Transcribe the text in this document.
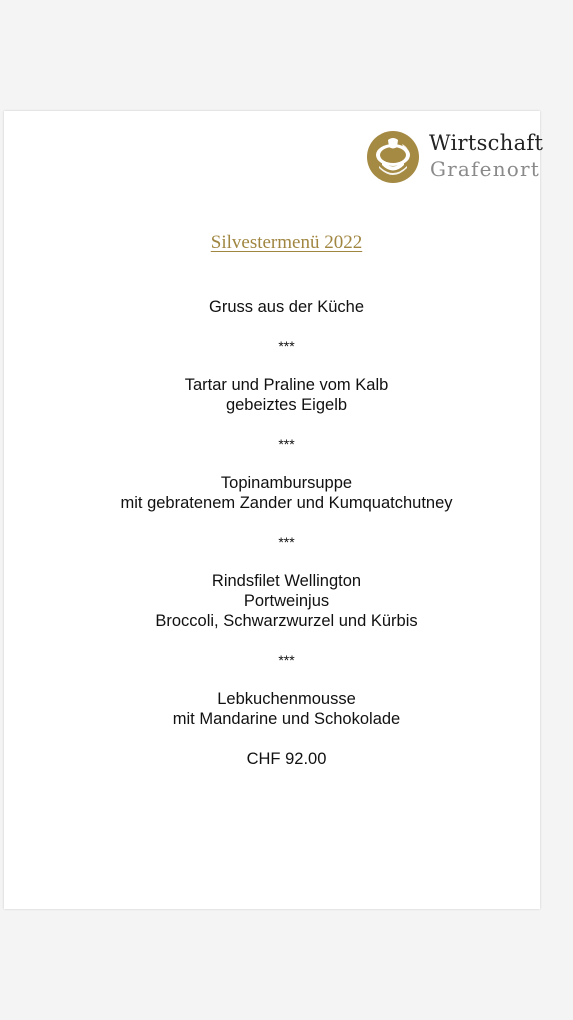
Wirtschaft
Grafenort
Silvestermenü 2022
Gruss aus der Küche
***
Tartar und Praline vom Kalb
gebeiztes Eigelb
***
Topinambursuppe
mit gebratenem Zander und Kumquatchutney
***
Rindsfilet Wellington
Portweinjus
Broccoli, Schwarzwurzel und Kürbis
***
Lebkuchenmousse
mit Mandarine und Schokolade
CHF 92.00
